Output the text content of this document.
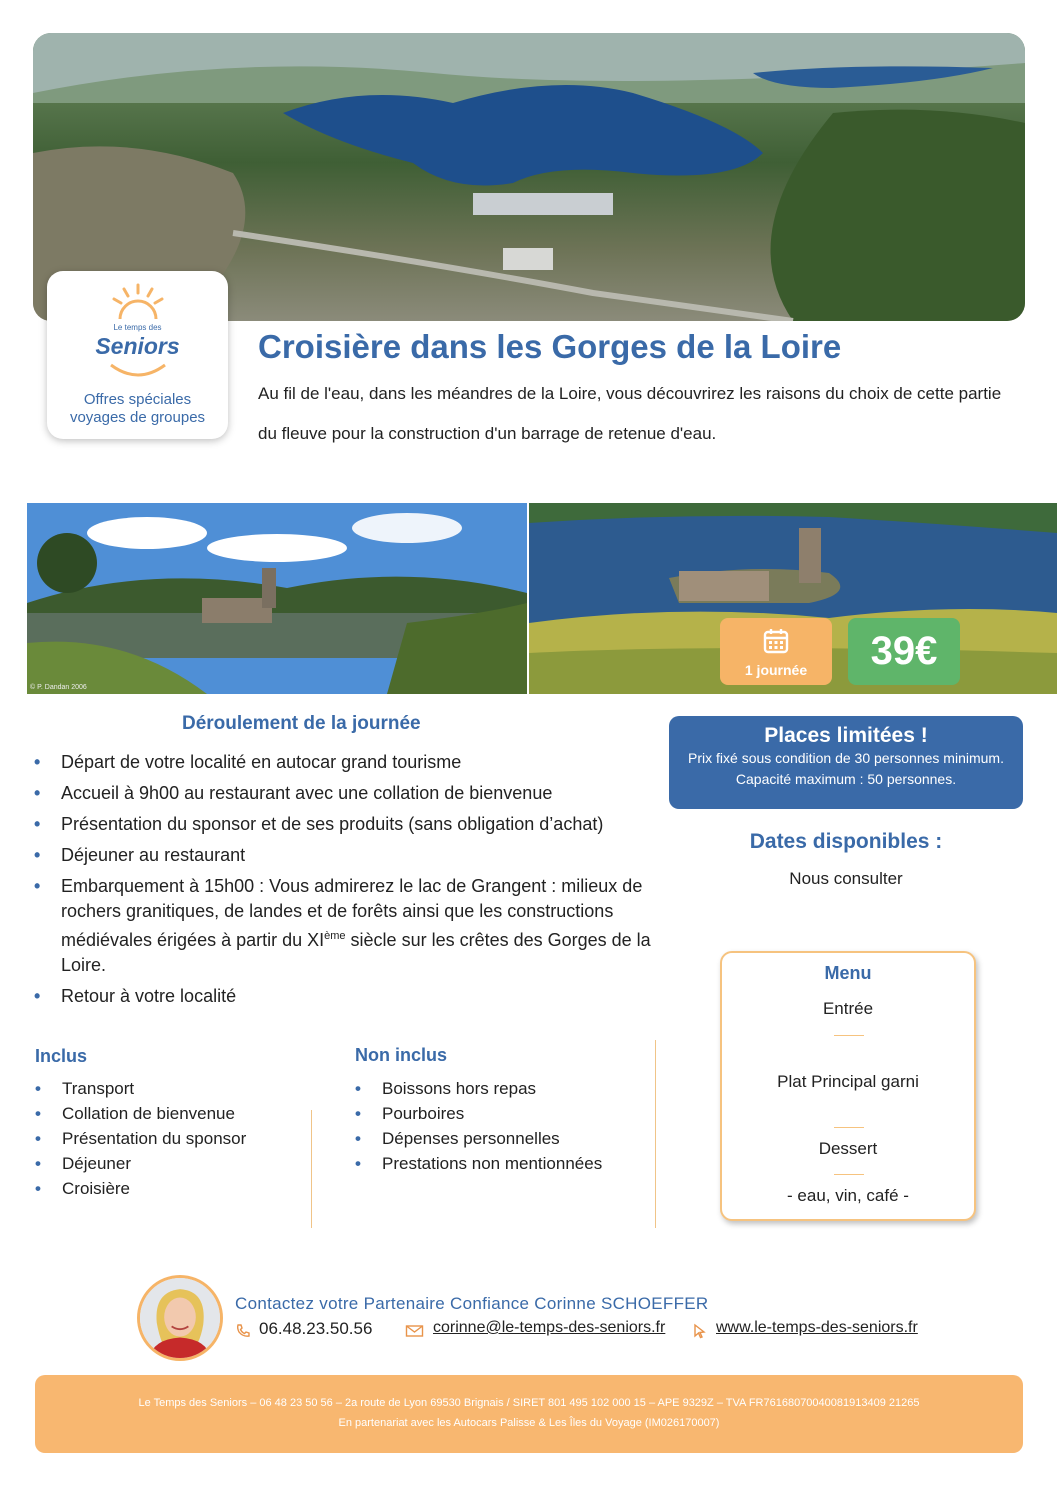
Le temps des
Seniors
Offres spéciales
voyages de groupes
Croisière dans les Gorges de la Loire
Au fil de l'eau, dans les méandres de la Loire, vous découvrirez les raisons du choix de cette partie du fleuve pour la construction d'un barrage de retenue d'eau.
© P. Dandan 2006
1 journée	39€
Déroulement de la journée
• Départ de votre localité en autocar grand tourisme
• Accueil à 9h00 au restaurant avec une collation de bienvenue
• Présentation du sponsor et de ses produits (sans obligation d’achat)
• Déjeuner au restaurant
• Embarquement à 15h00 : Vous admirerez le lac de Grangent : milieux de rochers granitiques, de landes et de forêts ainsi que les constructions médiévales érigées à partir du XIème siècle sur les crêtes des Gorges de la Loire.
• Retour à votre localité
Inclus
• Transport
• Collation de bienvenue
• Présentation du sponsor
• Déjeuner
• Croisière
Non inclus
• Boissons hors repas
• Pourboires
• Dépenses personnelles
• Prestations non mentionnées
Places limitées !
Prix fixé sous condition de 30 personnes minimum.
Capacité maximum : 50 personnes.
Dates disponibles :
Nous consulter
Menu
Entrée
Plat Principal garni
Dessert
- eau, vin, café -
Contactez votre Partenaire Confiance Corinne SCHOEFFER
06.48.23.50.56	corinne@le-temps-des-seniors.fr	www.le-temps-des-seniors.fr
Le Temps des Seniors – 06 48 23 50 56 – 2a route de Lyon 69530 Brignais / SIRET 801 495 102 000 15 – APE 9329Z – TVA FR76168070040081913409 21265
En partenariat avec les Autocars Palisse & Les Îles du Voyage (IM026170007)
